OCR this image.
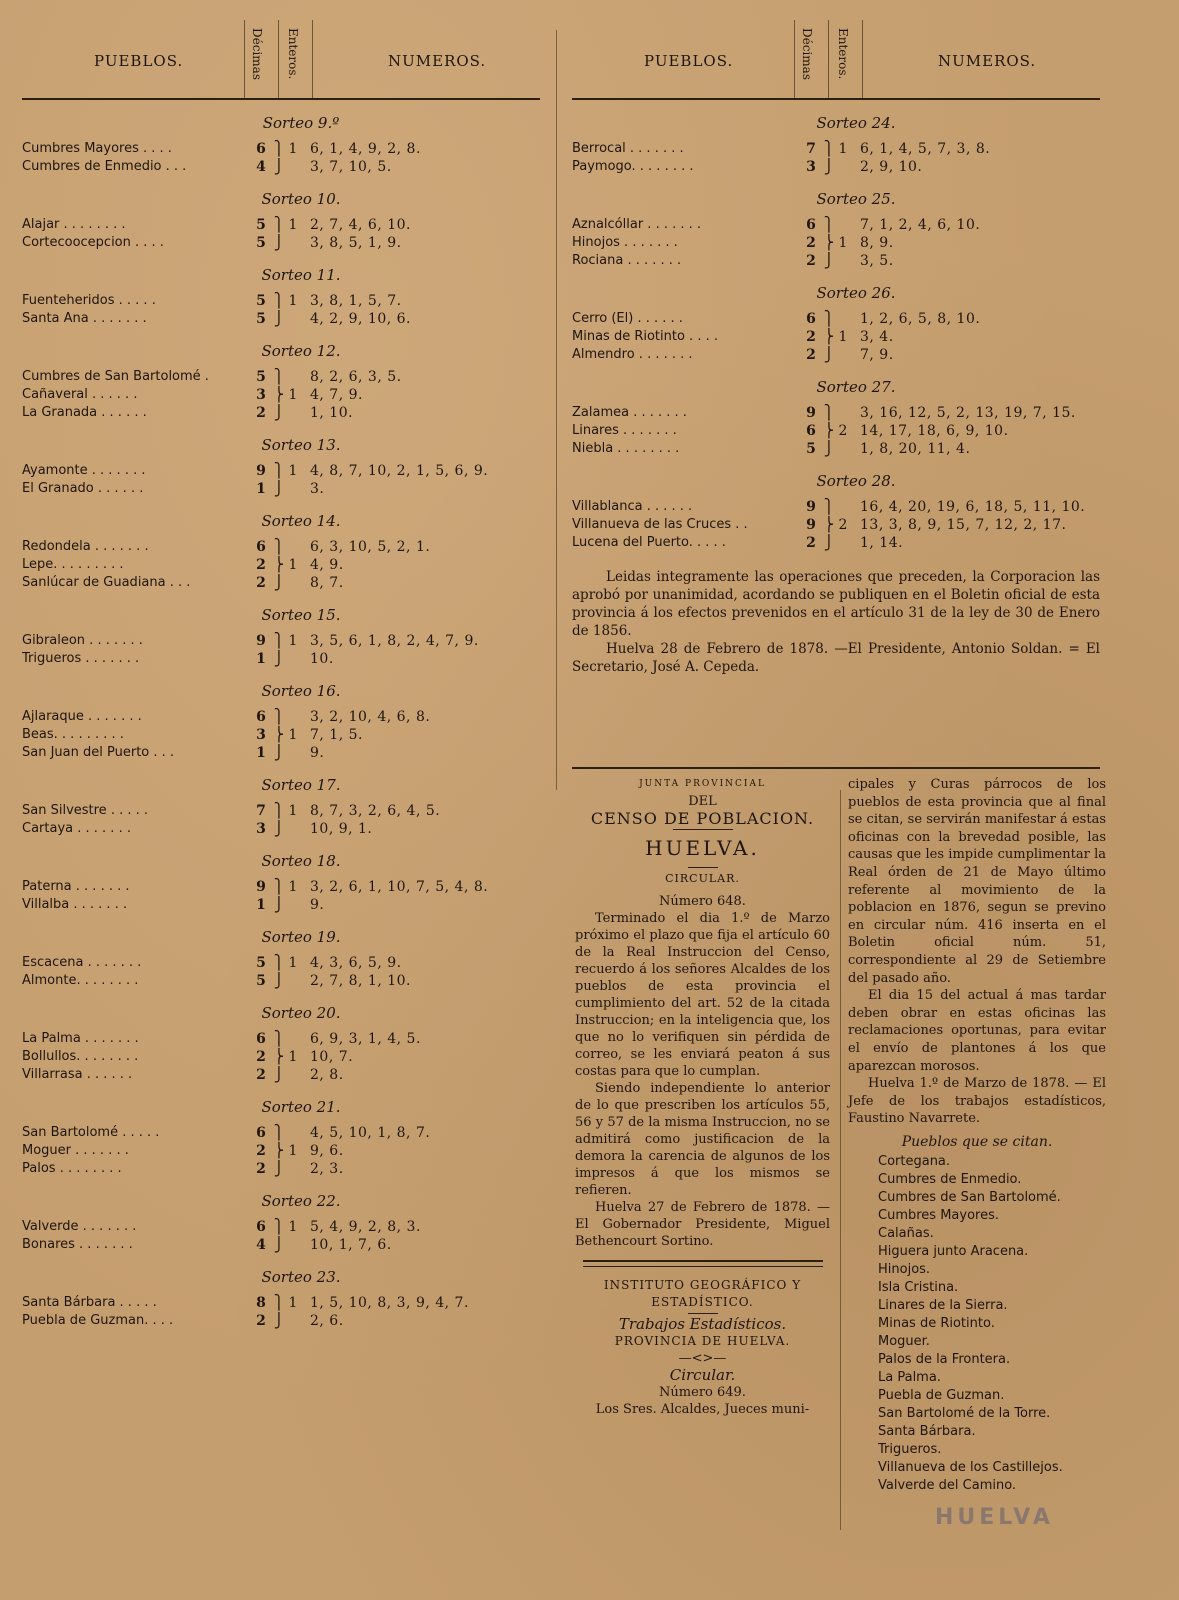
PUEBLOS.	Décimas Enteros.	NUMEROS.
Sorteo 9.º
Cumbres Mayores . . . .	6 ⎫ 1 6, 1, 4, 9, 2, 8.
Cumbres de Enmedio . . .	4 ⎭	3, 7, 10, 5.
Sorteo 10.
Alajar . . . . . . . .	5 ⎫ 1 2, 7, 4, 6, 10.
Cortecoocepcion . . . .	5 ⎭	3, 8, 5, 1, 9.
Sorteo 11.
Fuenteheridos . . . . .	5 ⎫ 1 3, 8, 1, 5, 7.
Santa Ana . . . . . . .	5 ⎭	4, 2, 9, 10, 6.
Sorteo 12.
Cumbres de San Bartolomé .	5 ⎫	8, 2, 6, 3, 5.
Cañaveral . . . . . .	3 ⎬ 1 4, 7, 9.
La Granada . . . . . .	2 ⎭	1, 10.
Sorteo 13.
Ayamonte . . . . . . .	9 ⎫ 1 4, 8, 7, 10, 2, 1, 5, 6, 9.
El Granado . . . . . .	1 ⎭	3.
Sorteo 14.
Redondela . . . . . . .	6 ⎫	6, 3, 10, 5, 2, 1.
Lepe. . . . . . . . .	2 ⎬ 1 4, 9.
Sanlúcar de Guadiana . . .	2 ⎭	8, 7.
Sorteo 15.
Gibraleon . . . . . . .	9 ⎫ 1 3, 5, 6, 1, 8, 2, 4, 7, 9.
Trigueros . . . . . . .	1 ⎭	10.
Sorteo 16.
Ajlaraque . . . . . . .	6 ⎫	3, 2, 10, 4, 6, 8.
Beas. . . . . . . . .	3 ⎬ 1 7, 1, 5.
San Juan del Puerto . . .	1 ⎭	9.
Sorteo 17.
San Silvestre . . . . .	7 ⎫ 1 8, 7, 3, 2, 6, 4, 5.
Cartaya . . . . . . .	3 ⎭	10, 9, 1.
Sorteo 18.
Paterna . . . . . . .	9 ⎫ 1 3, 2, 6, 1, 10, 7, 5, 4, 8.
Villalba . . . . . . .	1 ⎭	9.
Sorteo 19.
Escacena . . . . . . .	5 ⎫ 1 4, 3, 6, 5, 9.
Almonte. . . . . . . .	5 ⎭	2, 7, 8, 1, 10.
Sorteo 20.
La Palma . . . . . . .	6 ⎫	6, 9, 3, 1, 4, 5.
Bollullos. . . . . . . .	2 ⎬ 1 10, 7.
Villarrasa . . . . . .	2 ⎭	2, 8.
Sorteo 21.
San Bartolomé . . . . .	6 ⎫	4, 5, 10, 1, 8, 7.
Moguer . . . . . . .	2 ⎬ 1 9, 6.
Palos . . . . . . . .	2 ⎭	2, 3.
Sorteo 22.
Valverde . . . . . . .	6 ⎫ 1 5, 4, 9, 2, 8, 3.
Bonares . . . . . . .	4 ⎭	10, 1, 7, 6.
Sorteo 23.
Santa Bárbara . . . . .	8 ⎫ 1 1, 5, 10, 8, 3, 9, 4, 7.
Puebla de Guzman. . . .	2 ⎭	2, 6.
PUEBLOS.	Décimas Enteros.	NUMEROS.
Sorteo 24.
Berrocal . . . . . . .	7 ⎫ 1 6, 1, 4, 5, 7, 3, 8.
Paymogo. . . . . . . .	3 ⎭	2, 9, 10.
Sorteo 25.
Aznalcóllar . . . . . . .	6 ⎫	7, 1, 2, 4, 6, 10.
Hinojos . . . . . . .	2 ⎬ 1 8, 9.
Rociana . . . . . . .	2 ⎭	3, 5.
Sorteo 26.
Cerro (El) . . . . . .	6 ⎫	1, 2, 6, 5, 8, 10.
Minas de Riotinto . . . .	2 ⎬ 1 3, 4.
Almendro . . . . . . .	2 ⎭	7, 9.
Sorteo 27.
Zalamea . . . . . . .	9 ⎫	3, 16, 12, 5, 2, 13, 19, 7, 15.
Linares . . . . . . .	6 ⎬ 2 14, 17, 18, 6, 9, 10.
Niebla . . . . . . . .	5 ⎭	1, 8, 20, 11, 4.
Sorteo 28.
Villablanca . . . . . .	9 ⎫	16, 4, 20, 19, 6, 18, 5, 11, 10.
Villanueva de las Cruces . .	9 ⎬ 2 13, 3, 8, 9, 15, 7, 12, 2, 17.
Lucena del Puerto. . . . .	2 ⎭	1, 14.

Leidas integramente las operaciones que preceden, la Corporacion las aprobó por unanimidad, acordando se publiquen en el Boletin oficial de esta provincia á los efectos prevenidos en el artículo 31 de la ley de 30 de Enero de 1856.

Huelva 28 de Febrero de 1878. —El Presidente, Antonio Soldan. = El Secretario, José A. Cepeda.

JUNTA PROVINCIAL
DEL
CENSO DE POBLACION.
HUELVA.
CIRCULAR.
Número 648.

Terminado el dia 1.º de Marzo próximo el plazo que fija el artículo 60 de la Real Instruccion del Censo, recuerdo á los señores Alcaldes de los pueblos de esta provincia el cumplimiento del art. 52 de la citada Instruccion; en la inteligencia que, los que no lo verifiquen sin pérdida de correo, se les enviará peaton á sus costas para que lo cumplan.

Siendo independiente lo anterior de lo que prescriben los artículos 55, 56 y 57 de la misma Instruccion, no se admitirá como justificacion de la demora la carencia de algunos de los impresos á que los mismos se refieren.

Huelva 27 de Febrero de 1878. —El Gobernador Presidente, Miguel Bethencourt Sortino.

INSTITUTO GEOGRÁFICO Y ESTADÍSTICO.
Trabajos Estadísticos.
PROVINCIA DE HUELVA.
—<>—
Circular.
Número 649.
Los Sres. Alcaldes, Jueces muni-

cipales y Curas párrocos de los pueblos de esta provincia que al final se citan, se servirán manifestar á estas oficinas con la brevedad posible, las causas que les impide cumplimentar la Real órden de 21 de Mayo último referente al movimiento de la poblacion en 1876, segun se previno en circular núm. 416 inserta en el Boletin oficial núm. 51, correspondiente al 29 de Setiembre del pasado año.

El dia 15 del actual á mas tardar deben obrar en estas oficinas las reclamaciones oportunas, para evitar el envío de plantones á los que aparezcan morosos.

Huelva 1.º de Marzo de 1878. — El Jefe de los trabajos estadísticos, Faustino Navarrete.

Pueblos que se citan.
Cortegana.
Cumbres de Enmedio.
Cumbres de San Bartolomé.
Cumbres Mayores.
Calañas.
Higuera junto Aracena.
Hinojos.
Isla Cristina.
Linares de la Sierra.
Minas de Riotinto.
Moguer.
Palos de la Frontera.
La Palma.
Puebla de Guzman.
San Bartolomé de la Torre.
Santa Bárbara.
Trigueros.
Villanueva de los Castillejos.
Valverde del Camino.
HUELVA
